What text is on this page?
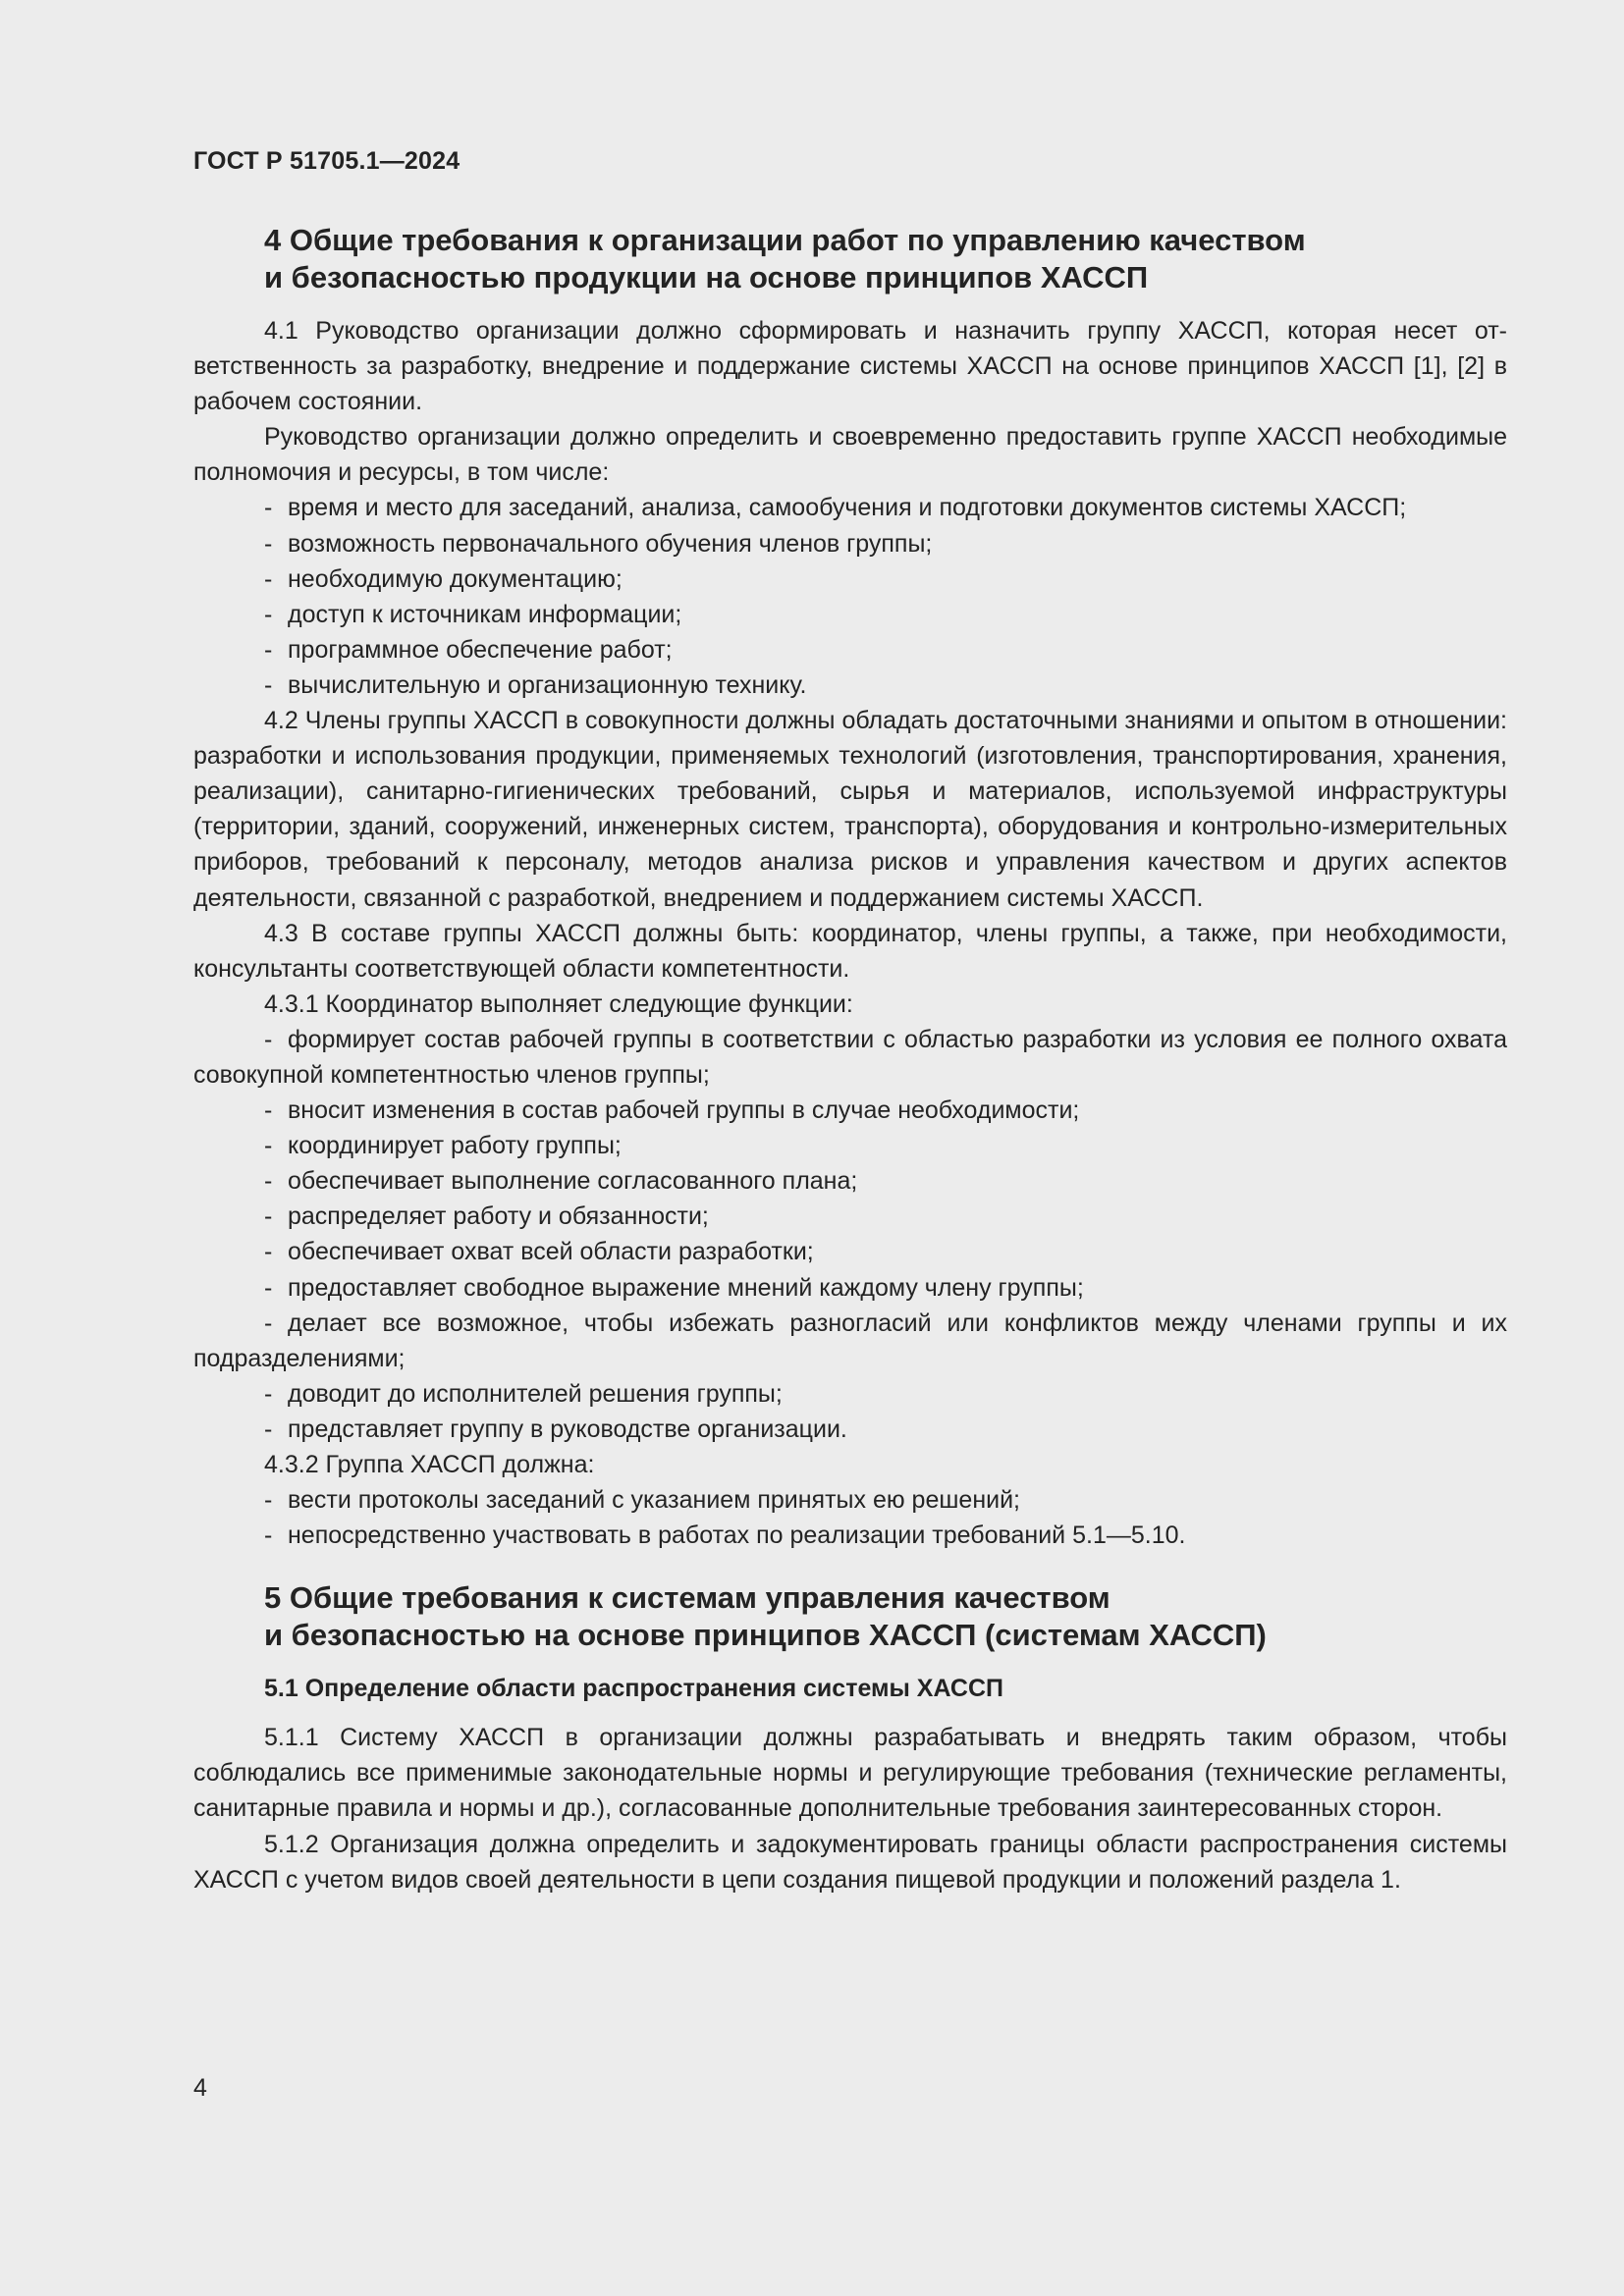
ГОСТ Р 51705.1—2024

4 Общие требования к организации работ по управлению качеством

и безопасностью продукции на основе принципов ХАССП

4.1 Руководство организации должно сформировать и назначить группу ХАССП, которая несет ответственность за разработку, внедрение и поддержание системы ХАССП на основе принципов ХАССП [1], [2] в рабочем состоянии.

Руководство организации должно определить и своевременно предоставить группе ХАССП необходимые полномочия и ресурсы, в том числе:

- время и место для заседаний, анализа, самообучения и подготовки документов системы ХАССП;

- возможность первоначального обучения членов группы;

- необходимую документацию;

- доступ к источникам информации;

- программное обеспечение работ;

- вычислительную и организационную технику.

4.2 Члены группы ХАССП в совокупности должны обладать достаточными знаниями и опытом в отношении: разработки и использования продукции, применяемых технологий (изготовления, транспортирования, хранения, реализации), санитарно-гигиенических требований, сырья и материалов, используемой инфраструктуры (территории, зданий, сооружений, инженерных систем, транспорта), оборудования и контрольно-измерительных приборов, требований к персоналу, методов анализа рисков и управления качеством и других аспектов деятельности, связанной с разработкой, внедрением и поддержанием системы ХАССП.

4.3 В составе группы ХАССП должны быть: координатор, члены группы, а также, при необходимости, консультанты соответствующей области компетентности.

4.3.1 Координатор выполняет следующие функции:

- формирует состав рабочей группы в соответствии с областью разработки из условия ее полного охвата совокупной компетентностью членов группы;

- вносит изменения в состав рабочей группы в случае необходимости;

- координирует работу группы;

- обеспечивает выполнение согласованного плана;

- распределяет работу и обязанности;

- обеспечивает охват всей области разработки;

- предоставляет свободное выражение мнений каждому члену группы;

- делает все возможное, чтобы избежать разногласий или конфликтов между членами группы и их подразделениями;

- доводит до исполнителей решения группы;

- представляет группу в руководстве организации.

4.3.2 Группа ХАССП должна:

- вести протоколы заседаний с указанием принятых ею решений;

- непосредственно участвовать в работах по реализации требований 5.1—5.10.

5 Общие требования к системам управления качеством

и безопасностью на основе принципов ХАССП (системам ХАССП)

5.1 Определение области распространения системы ХАССП

5.1.1 Систему ХАССП в организации должны разрабатывать и внедрять таким образом, чтобы соблюдались все применимые законодательные нормы и регулирующие требования (технические регламенты, санитарные правила и нормы и др.), согласованные дополнительные требования заинтересованных сторон.

5.1.2 Организация должна определить и задокументировать границы области распространения системы ХАССП с учетом видов своей деятельности в цепи создания пищевой продукции и положений раздела 1.

4
